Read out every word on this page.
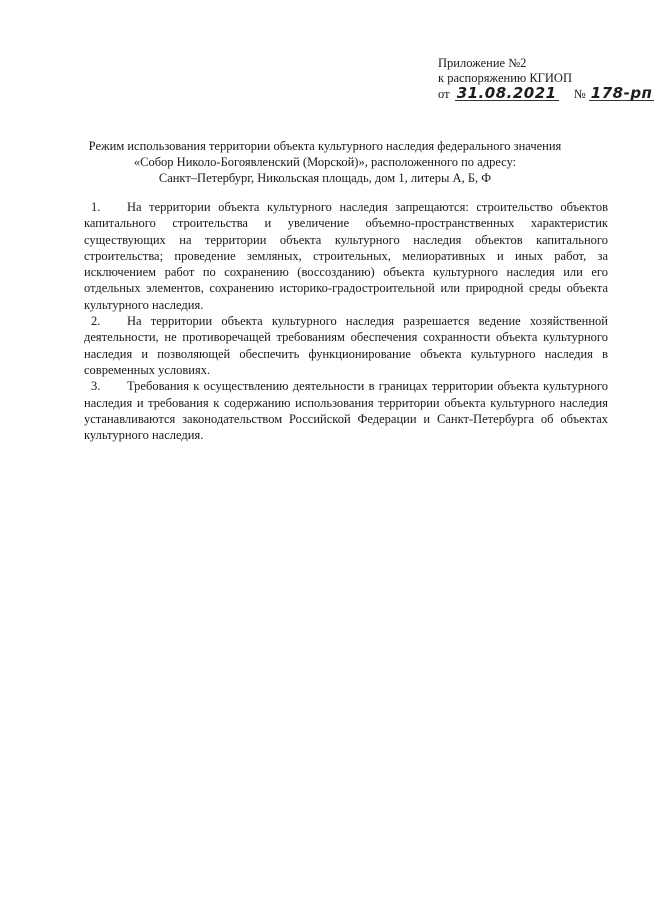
Приложение №2
к распоряжению КГИОП
от 31.08.2021 № 178-рп
Режим использования территории объекта культурного наследия федерального значения
«Собор Николо-Богоявленский (Морской)», расположенного по адресу:
Санкт–Петербург, Никольская площадь, дом 1, литеры А, Б, Ф

1. На территории объекта культурного наследия запрещаются: строительство объектов капитального строительства и увеличение объемно-пространственных характеристик существующих на территории объекта культурного наследия объектов капитального строительства; проведение земляных, строительных, мелиоративных и иных работ, за исключением работ по сохранению (воссозданию) объекта культурного наследия или его отдельных элементов, сохранению историко-градостроительной или природной среды объекта культурного наследия.

2. На территории объекта культурного наследия разрешается ведение хозяйственной деятельности, не противоречащей требованиям обеспечения сохранности объекта культурного наследия и позволяющей обеспечить функционирование объекта культурного наследия в современных условиях.

3. Требования к осуществлению деятельности в границах территории объекта культурного наследия и требования к содержанию использования территории объекта культурного наследия устанавливаются законодательством Российской Федерации и Санкт-Петербурга об объектах культурного наследия.
